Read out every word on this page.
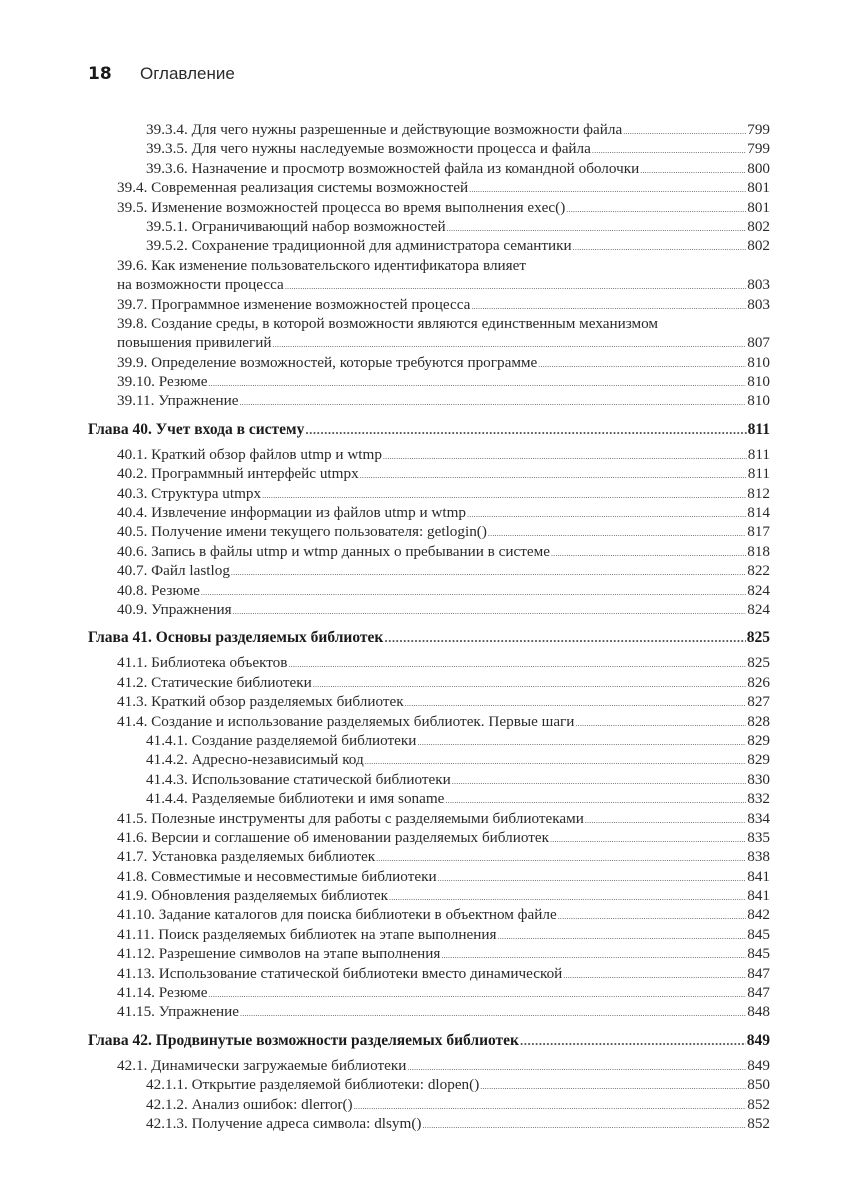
18	Оглавление
39.3.4. Для чего нужны разрешенные и действующие возможности файла .....	799
39.3.5. Для чего нужны наследуемые возможности процесса и файла .....	799
39.3.6. Назначение и просмотр возможностей файла из командной оболочки .....	800
39.4. Современная реализация системы возможностей .....	801
39.5. Изменение возможностей процесса во время выполнения exec() .....	801
39.5.1. Ограничивающий набор возможностей .....	802
39.5.2. Сохранение традиционной для администратора семантики .....	802
39.6. Как изменение пользовательского идентификатора влияет
на возможности процесса .....	803
39.7. Программное изменение возможностей процесса .....	803
39.8. Создание среды, в которой возможности являются единственным механизмом
повышения привилегий .....	807
39.9. Определение возможностей, которые требуются программе .....	810
39.10. Резюме .....	810
39.11. Упражнение .....	810
Глава 40. Учет входа в систему .....	811
40.1. Краткий обзор файлов utmp и wtmp .....	811
40.2. Программный интерфейс utmpx .....	811
40.3. Структура utmpx .....	812
40.4. Извлечение информации из файлов utmp и wtmp .....	814
40.5. Получение имени текущего пользователя: getlogin() .....	817
40.6. Запись в файлы utmp и wtmp данных о пребывании в системе .....	818
40.7. Файл lastlog .....	822
40.8. Резюме .....	824
40.9. Упражнения .....	824
Глава 41. Основы разделяемых библиотек .....	825
41.1. Библиотека объектов .....	825
41.2. Статические библиотеки .....	826
41.3. Краткий обзор разделяемых библиотек .....	827
41.4. Создание и использование разделяемых библиотек. Первые шаги .....	828
41.4.1. Создание разделяемой библиотеки .....	829
41.4.2. Адресно-независимый код .....	829
41.4.3. Использование статической библиотеки .....	830
41.4.4. Разделяемые библиотеки и имя soname .....	832
41.5. Полезные инструменты для работы с разделяемыми библиотеками .....	834
41.6. Версии и соглашение об именовании разделяемых библиотек .....	835
41.7. Установка разделяемых библиотек .....	838
41.8. Совместимые и несовместимые библиотеки .....	841
41.9. Обновления разделяемых библиотек .....	841
41.10. Задание каталогов для поиска библиотеки в объектном файле .....	842
41.11. Поиск разделяемых библиотек на этапе выполнения .....	845
41.12. Разрешение символов на этапе выполнения .....	845
41.13. Использование статической библиотеки вместо динамической .....	847
41.14. Резюме .....	847
41.15. Упражнение .....	848
Глава 42. Продвинутые возможности разделяемых библиотек .....	849
42.1. Динамически загружаемые библиотеки .....	849
42.1.1. Открытие разделяемой библиотеки: dlopen() .....	850
42.1.2. Анализ ошибок: dlerror() .....	852
42.1.3. Получение адреса символа: dlsym() .....	852
